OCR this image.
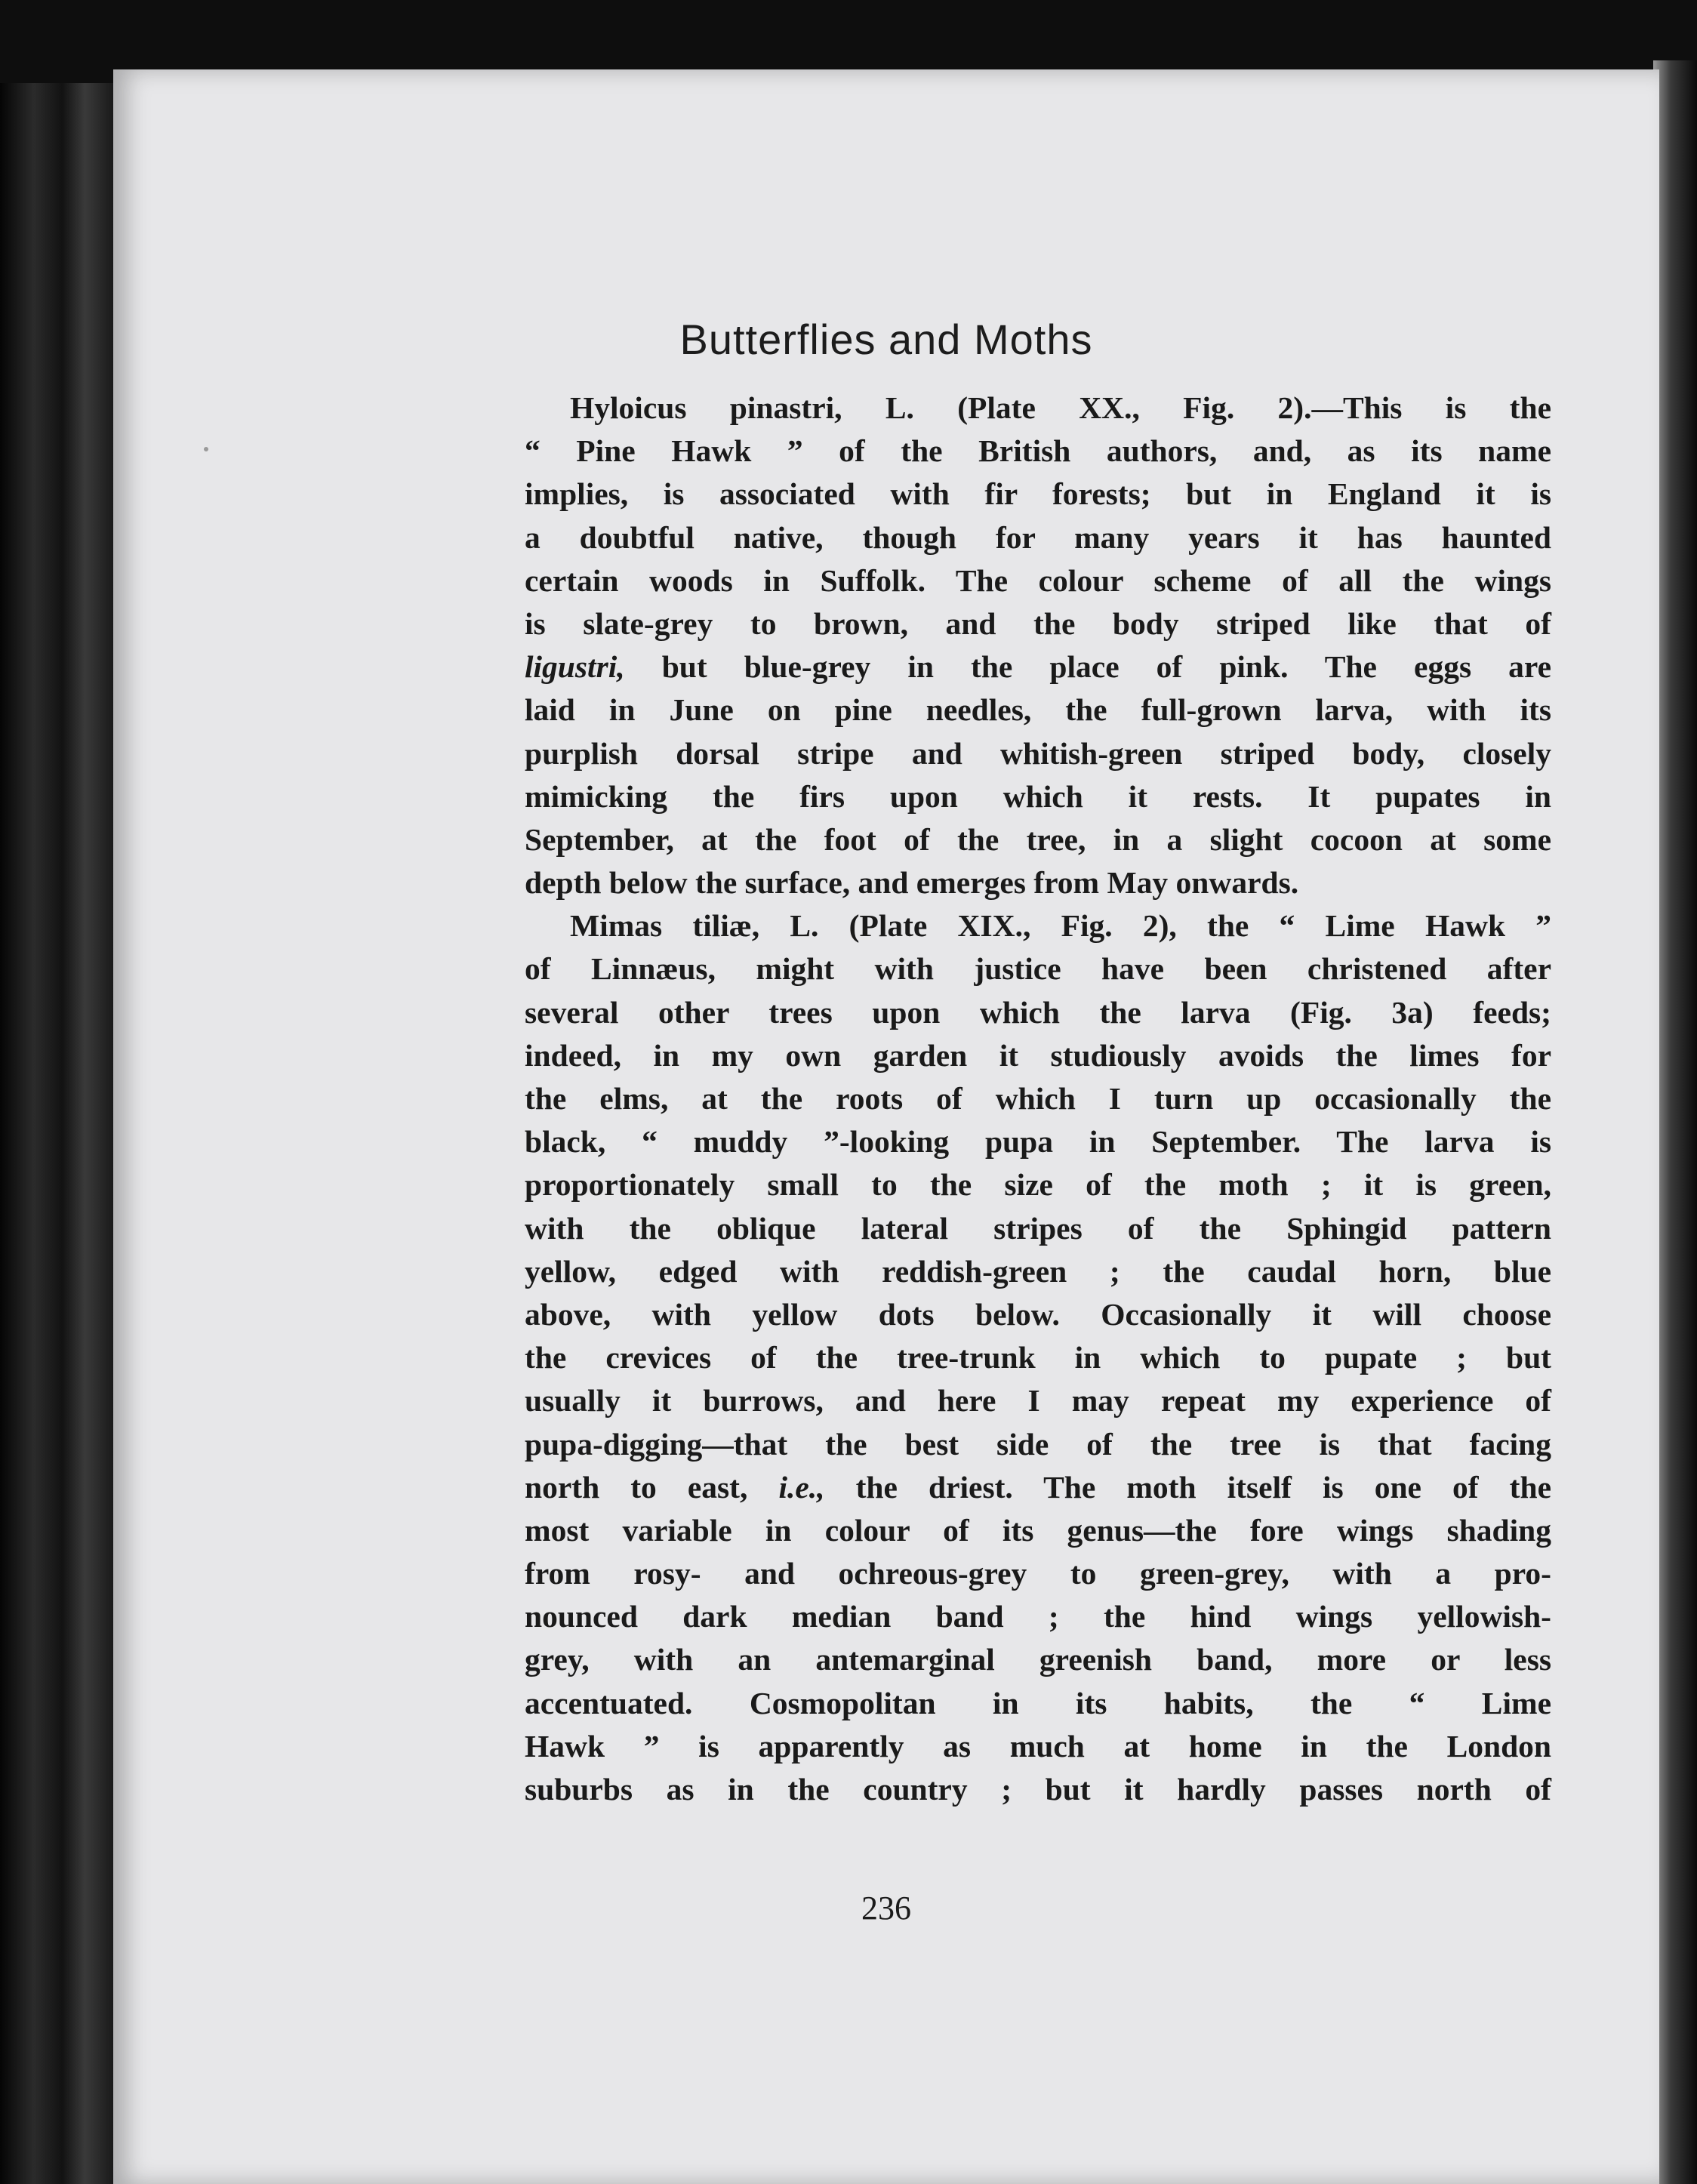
Butterflies and Moths
Hyloicus pinastri, L. (Plate XX., Fig. 2).—This is the
“ Pine Hawk ” of the British authors, and, as its name
implies, is associated with fir forests; but in England it is
a doubtful native, though for many years it has haunted
certain woods in Suffolk. The colour scheme of all the wings
is slate-grey to brown, and the body striped like that of
ligustri, but blue-grey in the place of pink. The eggs are
laid in June on pine needles, the full-grown larva, with its
purplish dorsal stripe and whitish-green striped body, closely
mimicking the firs upon which it rests. It pupates in
September, at the foot of the tree, in a slight cocoon at some
depth below the surface, and emerges from May onwards.
Mimas tiliæ, L. (Plate XIX., Fig. 2), the “ Lime Hawk ”
of Linnæus, might with justice have been christened after
several other trees upon which the larva (Fig. 3a) feeds;
indeed, in my own garden it studiously avoids the limes for
the elms, at the roots of which I turn up occasionally the
black, “ muddy ”-looking pupa in September. The larva is
proportionately small to the size of the moth ; it is green,
with the oblique lateral stripes of the Sphingid pattern
yellow, edged with reddish-green ; the caudal horn, blue
above, with yellow dots below. Occasionally it will choose
the crevices of the tree-trunk in which to pupate ; but
usually it burrows, and here I may repeat my experience of
pupa-digging—that the best side of the tree is that facing
north to east, i.e., the driest. The moth itself is one of the
most variable in colour of its genus—the fore wings shading
from rosy- and ochreous-grey to green-grey, with a pro-
nounced dark median band ; the hind wings yellowish-
grey, with an antemarginal greenish band, more or less
accentuated. Cosmopolitan in its habits, the “ Lime
Hawk ” is apparently as much at home in the London
suburbs as in the country ; but it hardly passes north of
236
